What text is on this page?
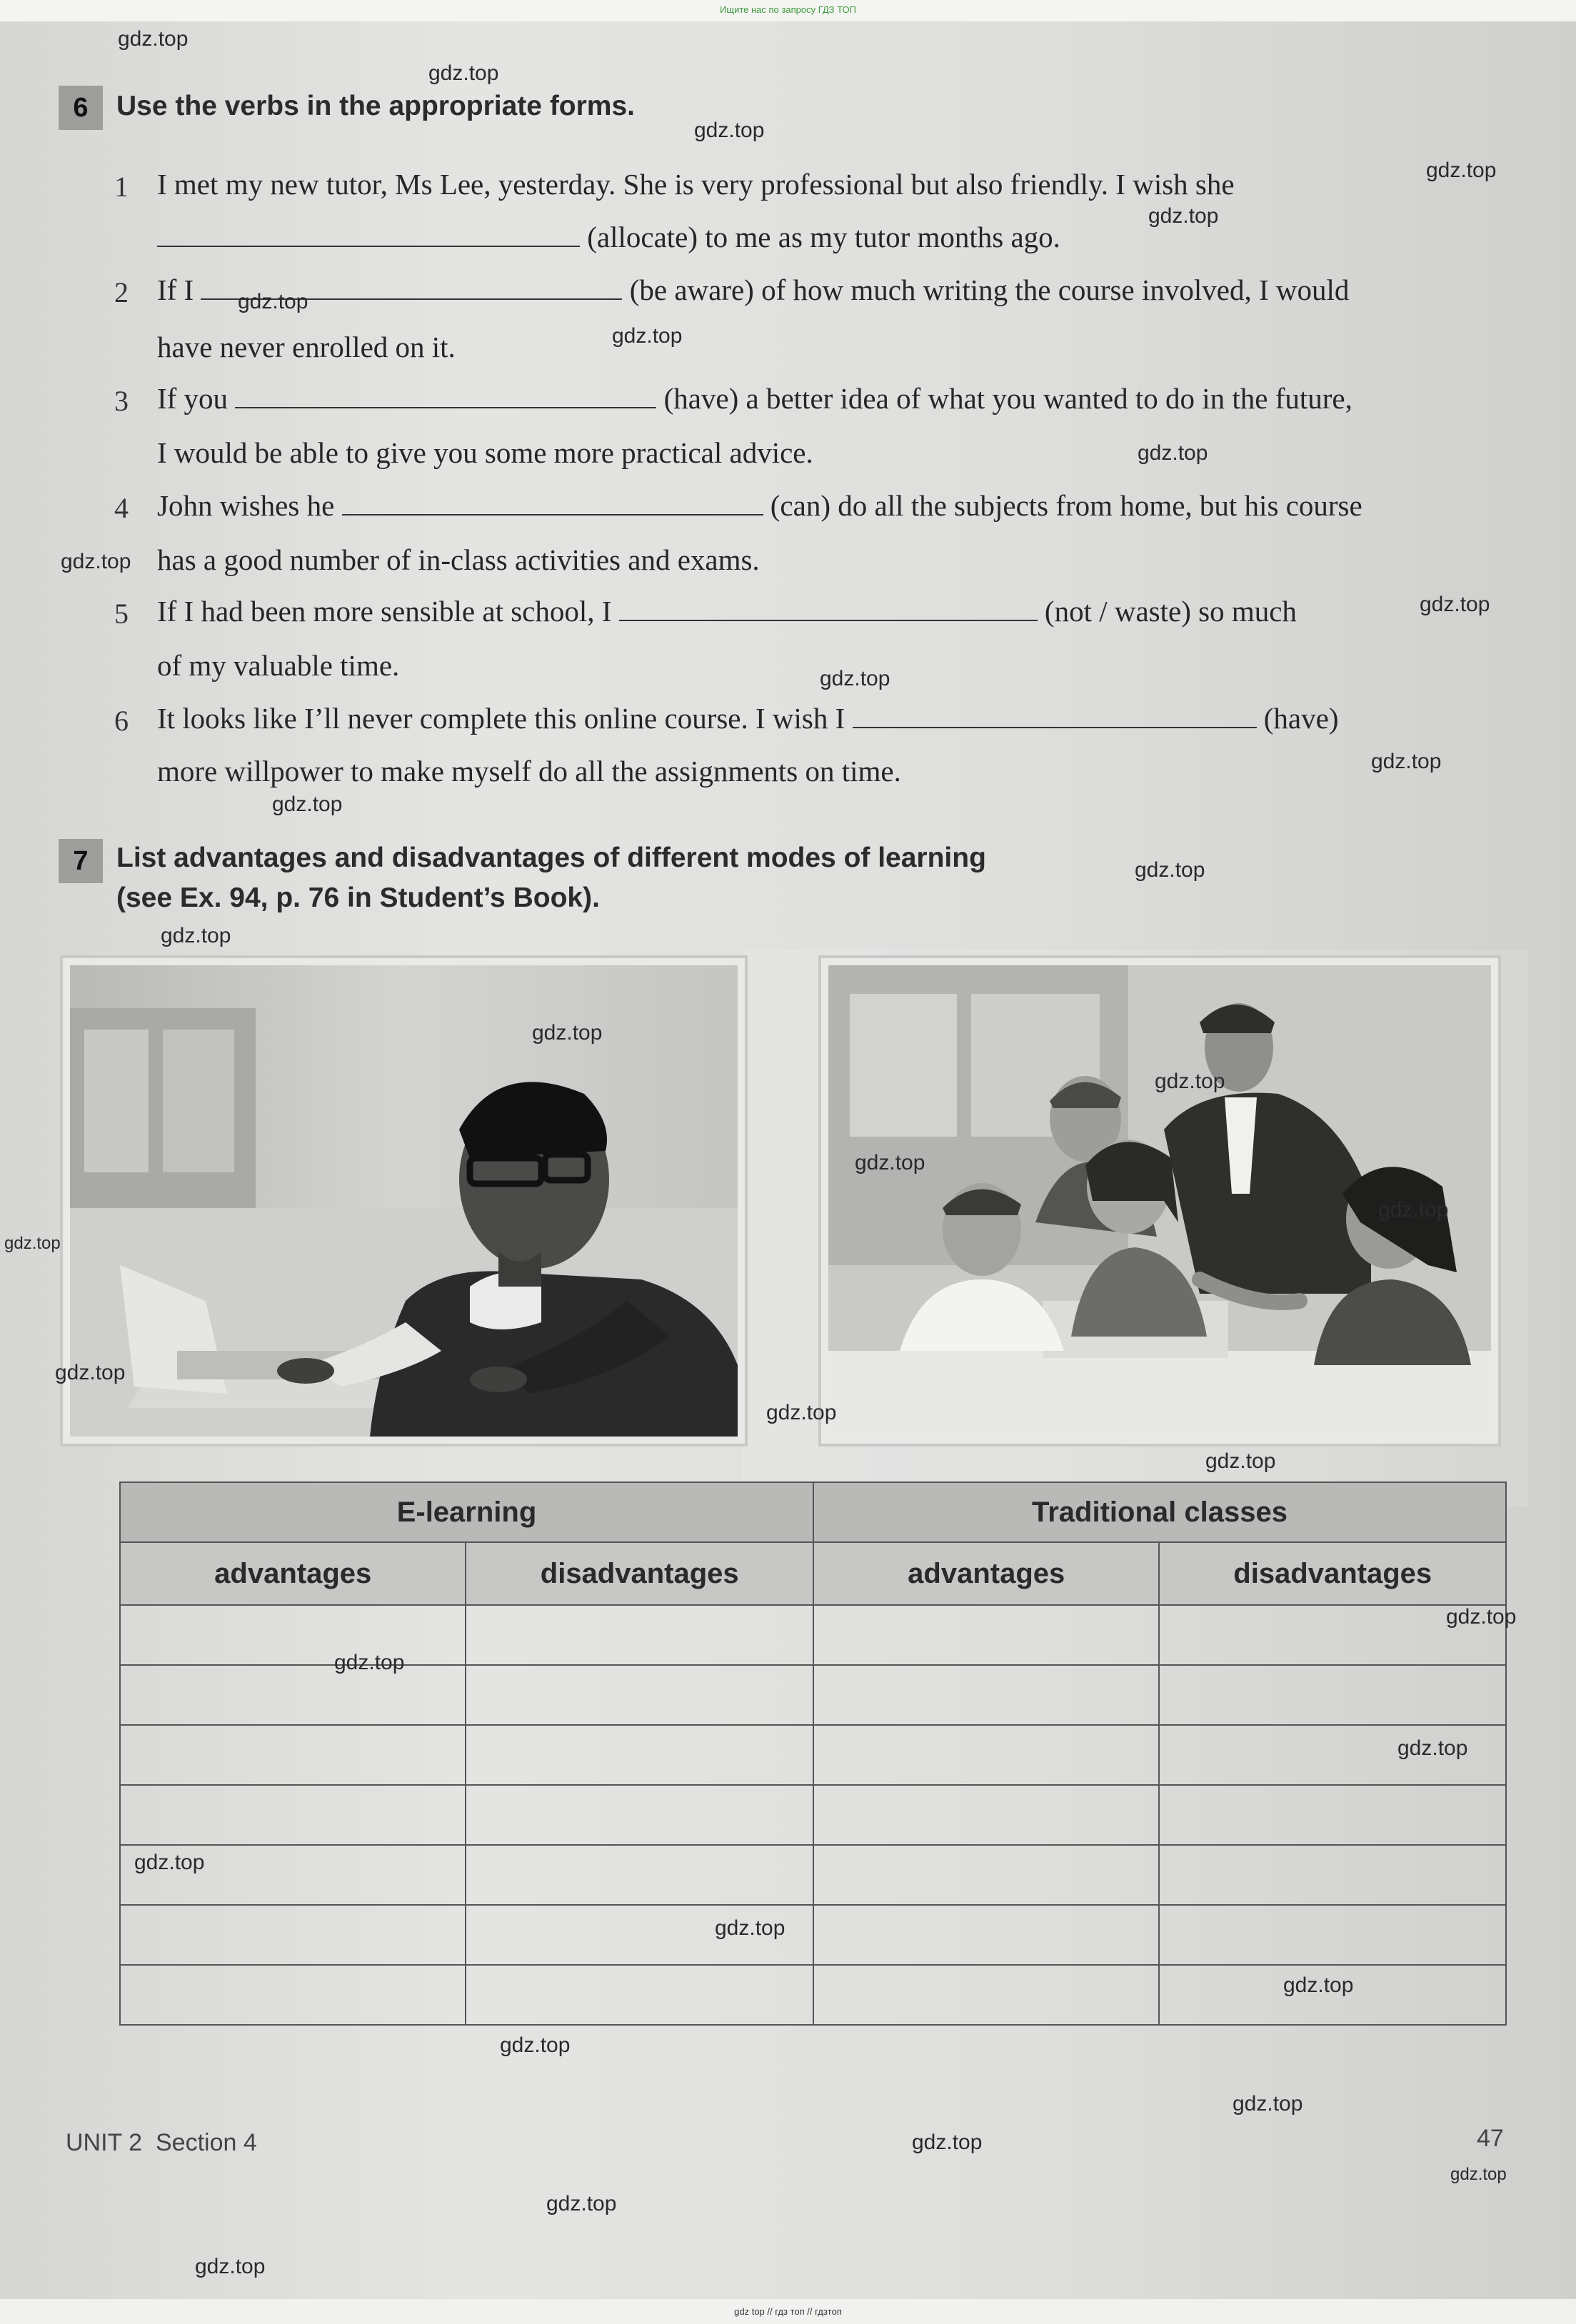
Ищите нас по запросу ГДЗ ТОП
gdz top // гдз топ // гдзтоп
6	Use the verbs in the appropriate forms.
1 I met my new tutor, Ms Lee, yesterday. She is very professional but also friendly. I wish she
(allocate) to me as my tutor months ago.
2 If I	(be aware) of how much writing the course involved, I would
have never enrolled on it.
3 If you	(have) a better idea of what you wanted to do in the future,
I would be able to give you some more practical advice.
4 John wishes he	(can) do all the subjects from home, but his course
has a good number of in-class activities and exams.
5 If I had been more sensible at school, I	(not / waste) so much
of my valuable time.
6 It looks like I’ll never complete this online course. I wish I	(have)
more willpower to make myself do all the assignments on time.
7	List advantages and disadvantages of different modes of learning
(see Ex. 94, p. 76 in Student’s Book).
E-learning		Traditional classes	
advantages	disadvantages	advantages	disadvantages

UNIT 2 Section 4	47
gdz.top
gdz.top
gdz.top
gdz.top
gdz.top
gdz.top
gdz.top
gdz.top
gdz.top
gdz.top
gdz.top
gdz.top
gdz.top
gdz.top
gdz.top
gdz.top
gdz.top
gdz.top
gdz.top
gdz.top
gdz.top
gdz.top
gdz.top
gdz.top
gdz.top
gdz.top
gdz.top
gdz.top
gdz.top
gdz.top
gdz.top
gdz.top
gdz.top
gdz.top
gdz.top
